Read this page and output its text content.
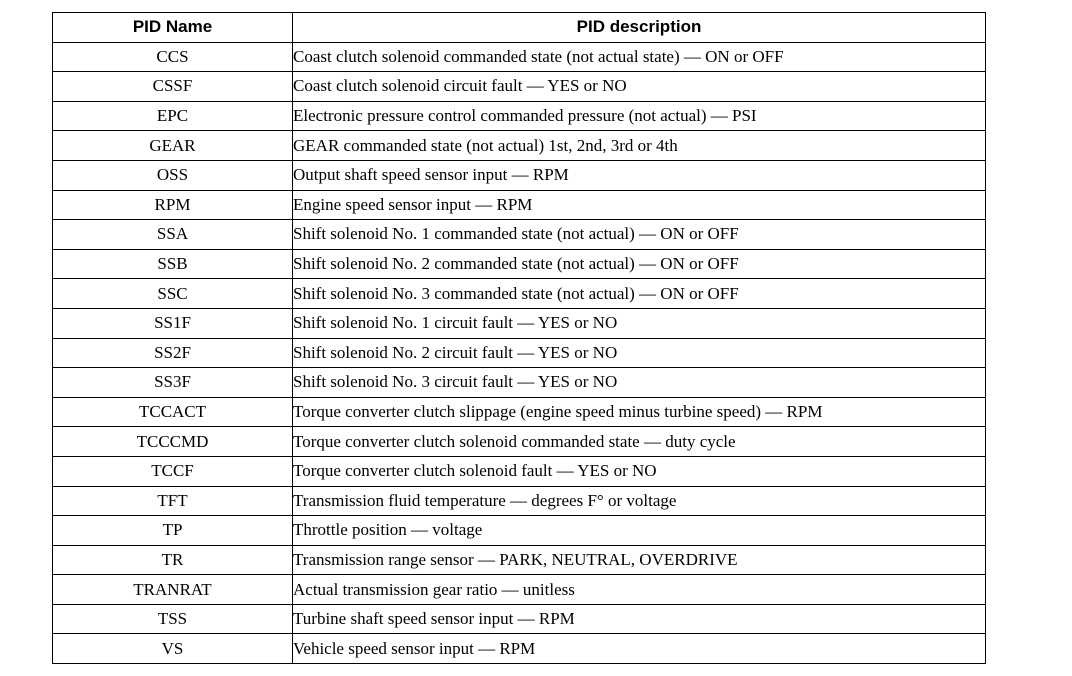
PID Name	PID description
CCS	Coast clutch solenoid commanded state (not actual state) — ON or OFF
CSSF	Coast clutch solenoid circuit fault — YES or NO
EPC	Electronic pressure control commanded pressure (not actual) — PSI
GEAR	GEAR commanded state (not actual) 1st, 2nd, 3rd or 4th
OSS	Output shaft speed sensor input — RPM
RPM	Engine speed sensor input — RPM
SSA	Shift solenoid No. 1 commanded state (not actual) — ON or OFF
SSB	Shift solenoid No. 2 commanded state (not actual) — ON or OFF
SSC	Shift solenoid No. 3 commanded state (not actual) — ON or OFF
SS1F	Shift solenoid No. 1 circuit fault — YES or NO
SS2F	Shift solenoid No. 2 circuit fault — YES or NO
SS3F	Shift solenoid No. 3 circuit fault — YES or NO
TCCACT	Torque converter clutch slippage (engine speed minus turbine speed) — RPM
TCCCMD	Torque converter clutch solenoid commanded state — duty cycle
TCCF	Torque converter clutch solenoid fault — YES or NO
TFT	Transmission fluid temperature — degrees F° or voltage
TP	Throttle position — voltage
TR	Transmission range sensor — PARK, NEUTRAL, OVERDRIVE
TRANRAT	Actual transmission gear ratio — unitless
TSS	Turbine shaft speed sensor input — RPM
VS	Vehicle speed sensor input — RPM
